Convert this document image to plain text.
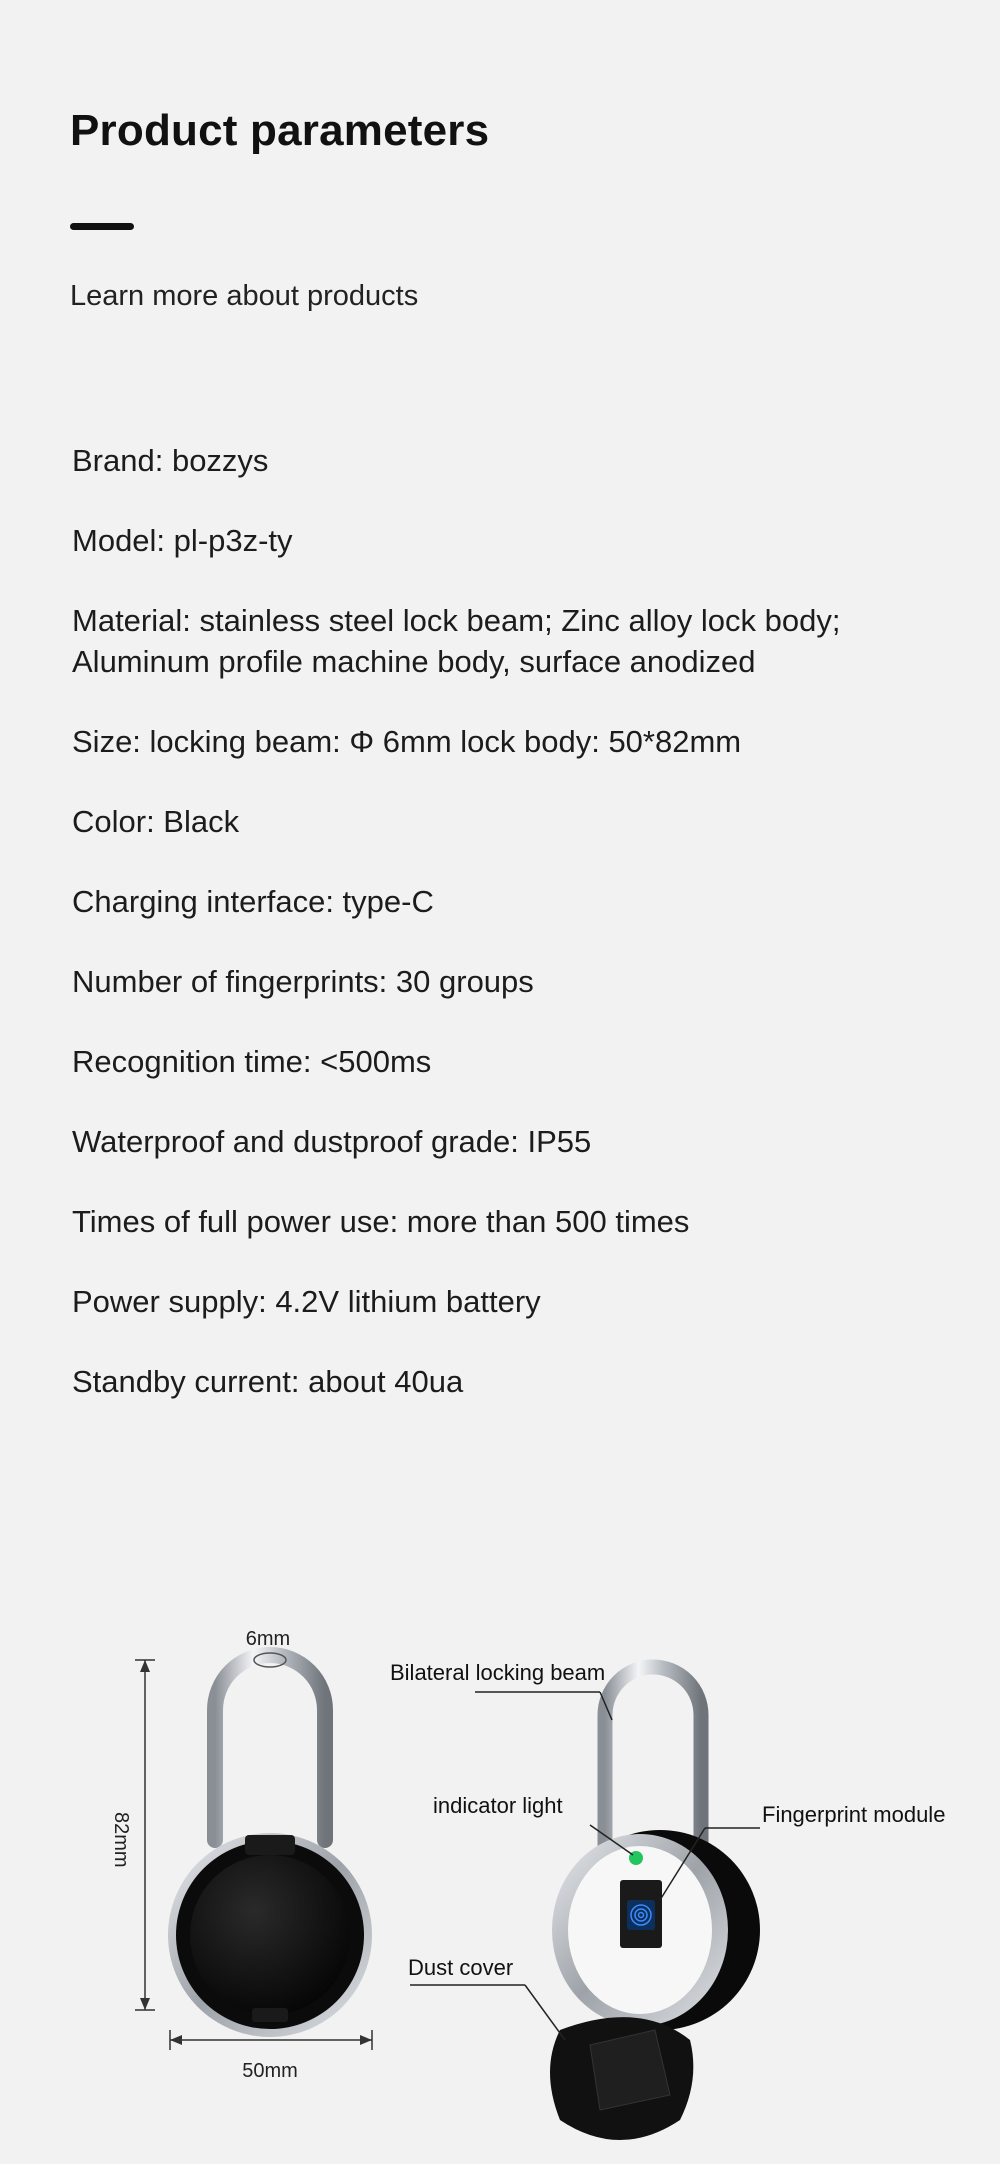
Product parameters
Learn more about products

Brand: bozzys

Model: pl-p3z-ty

Material: stainless steel lock beam; Zinc alloy lock body; Aluminum profile machine body, surface anodized

Size: locking beam: Φ 6mm lock body: 50*82mm

Color: Black

Charging interface: type-C

Number of fingerprints: 30 groups

Recognition time: <500ms

Waterproof and dustproof grade: IP55

Times of full power use: more than 500 times

Power supply: 4.2V lithium battery

Standby current: about 40ua

82mm
50mm
6mm
Bilateral locking beam
indicator light	Fingerprint module
Dust cover
